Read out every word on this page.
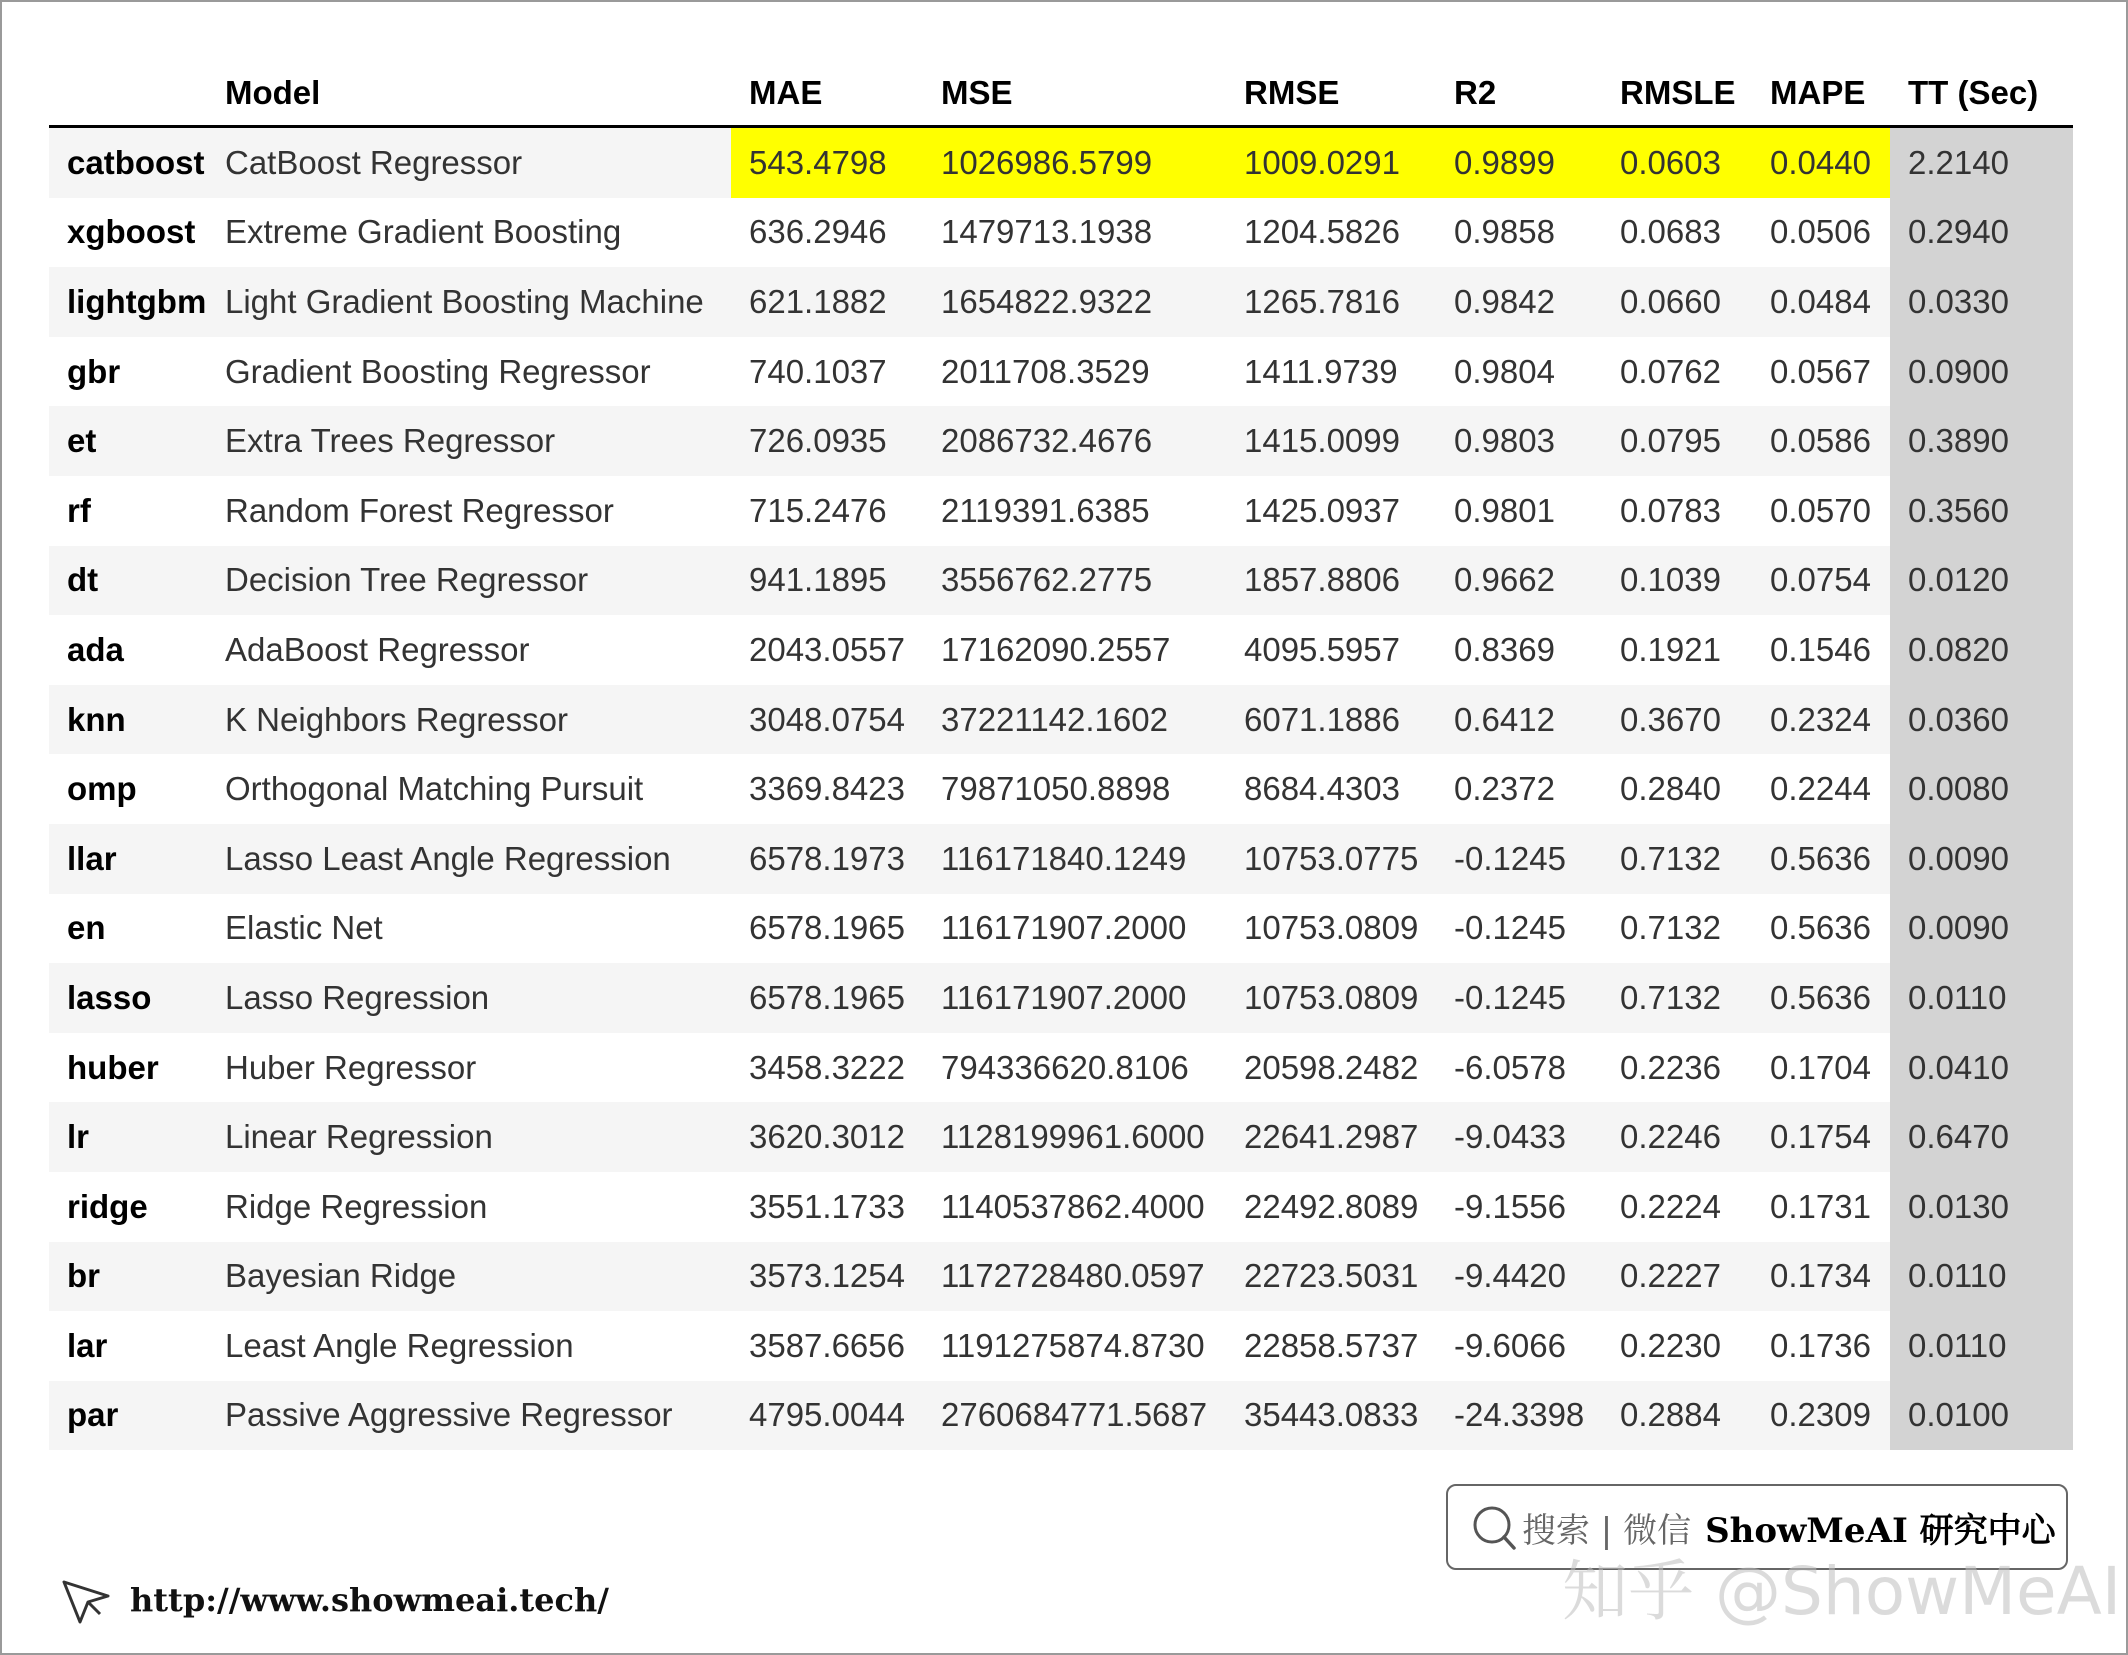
	Model	MAE	MSE	RMSE	R2	RMSLE	MAPE	TT (Sec)
catboost	CatBoost Regressor	543.4798	1026986.5799	1009.0291	0.9899	0.0603	0.0440	2.2140
xgboost	Extreme Gradient Boosting	636.2946	1479713.1938	1204.5826	0.9858	0.0683	0.0506	0.2940
lightgbm	Light Gradient Boosting Machine	621.1882	1654822.9322	1265.7816	0.9842	0.0660	0.0484	0.0330
gbr	Gradient Boosting Regressor	740.1037	2011708.3529	1411.9739	0.9804	0.0762	0.0567	0.0900
et	Extra Trees Regressor	726.0935	2086732.4676	1415.0099	0.9803	0.0795	0.0586	0.3890
rf	Random Forest Regressor	715.2476	2119391.6385	1425.0937	0.9801	0.0783	0.0570	0.3560
dt	Decision Tree Regressor	941.1895	3556762.2775	1857.8806	0.9662	0.1039	0.0754	0.0120
ada	AdaBoost Regressor	2043.0557	17162090.2557	4095.5957	0.8369	0.1921	0.1546	0.0820
knn	K Neighbors Regressor	3048.0754	37221142.1602	6071.1886	0.6412	0.3670	0.2324	0.0360
omp	Orthogonal Matching Pursuit	3369.8423	79871050.8898	8684.4303	0.2372	0.2840	0.2244	0.0080
llar	Lasso Least Angle Regression	6578.1973	116171840.1249	10753.0775	-0.1245	0.7132	0.5636	0.0090
en	Elastic Net	6578.1965	116171907.2000	10753.0809	-0.1245	0.7132	0.5636	0.0090
lasso	Lasso Regression	6578.1965	116171907.2000	10753.0809	-0.1245	0.7132	0.5636	0.0110
huber	Huber Regressor	3458.3222	794336620.8106	20598.2482	-6.0578	0.2236	0.1704	0.0410
lr	Linear Regression	3620.3012	1128199961.6000	22641.2987	-9.0433	0.2246	0.1754	0.6470
ridge	Ridge Regression	3551.1733	1140537862.4000	22492.8089	-9.1556	0.2224	0.1731	0.0130
br	Bayesian Ridge	3573.1254	1172728480.0597	22723.5031	-9.4420	0.2227	0.1734	0.0110
lar	Least Angle Regression	3587.6656	1191275874.8730	22858.5737	-9.6066	0.2230	0.1736	0.0110
par	Passive Aggressive Regressor	4795.0044	2760684771.5687	35443.0833	-24.3398	0.2884	0.2309	0.0100
搜索 | 微信 ShowMeAI 研究中心
知乎 @ShowMeAI
http://www.showmeai.tech/
